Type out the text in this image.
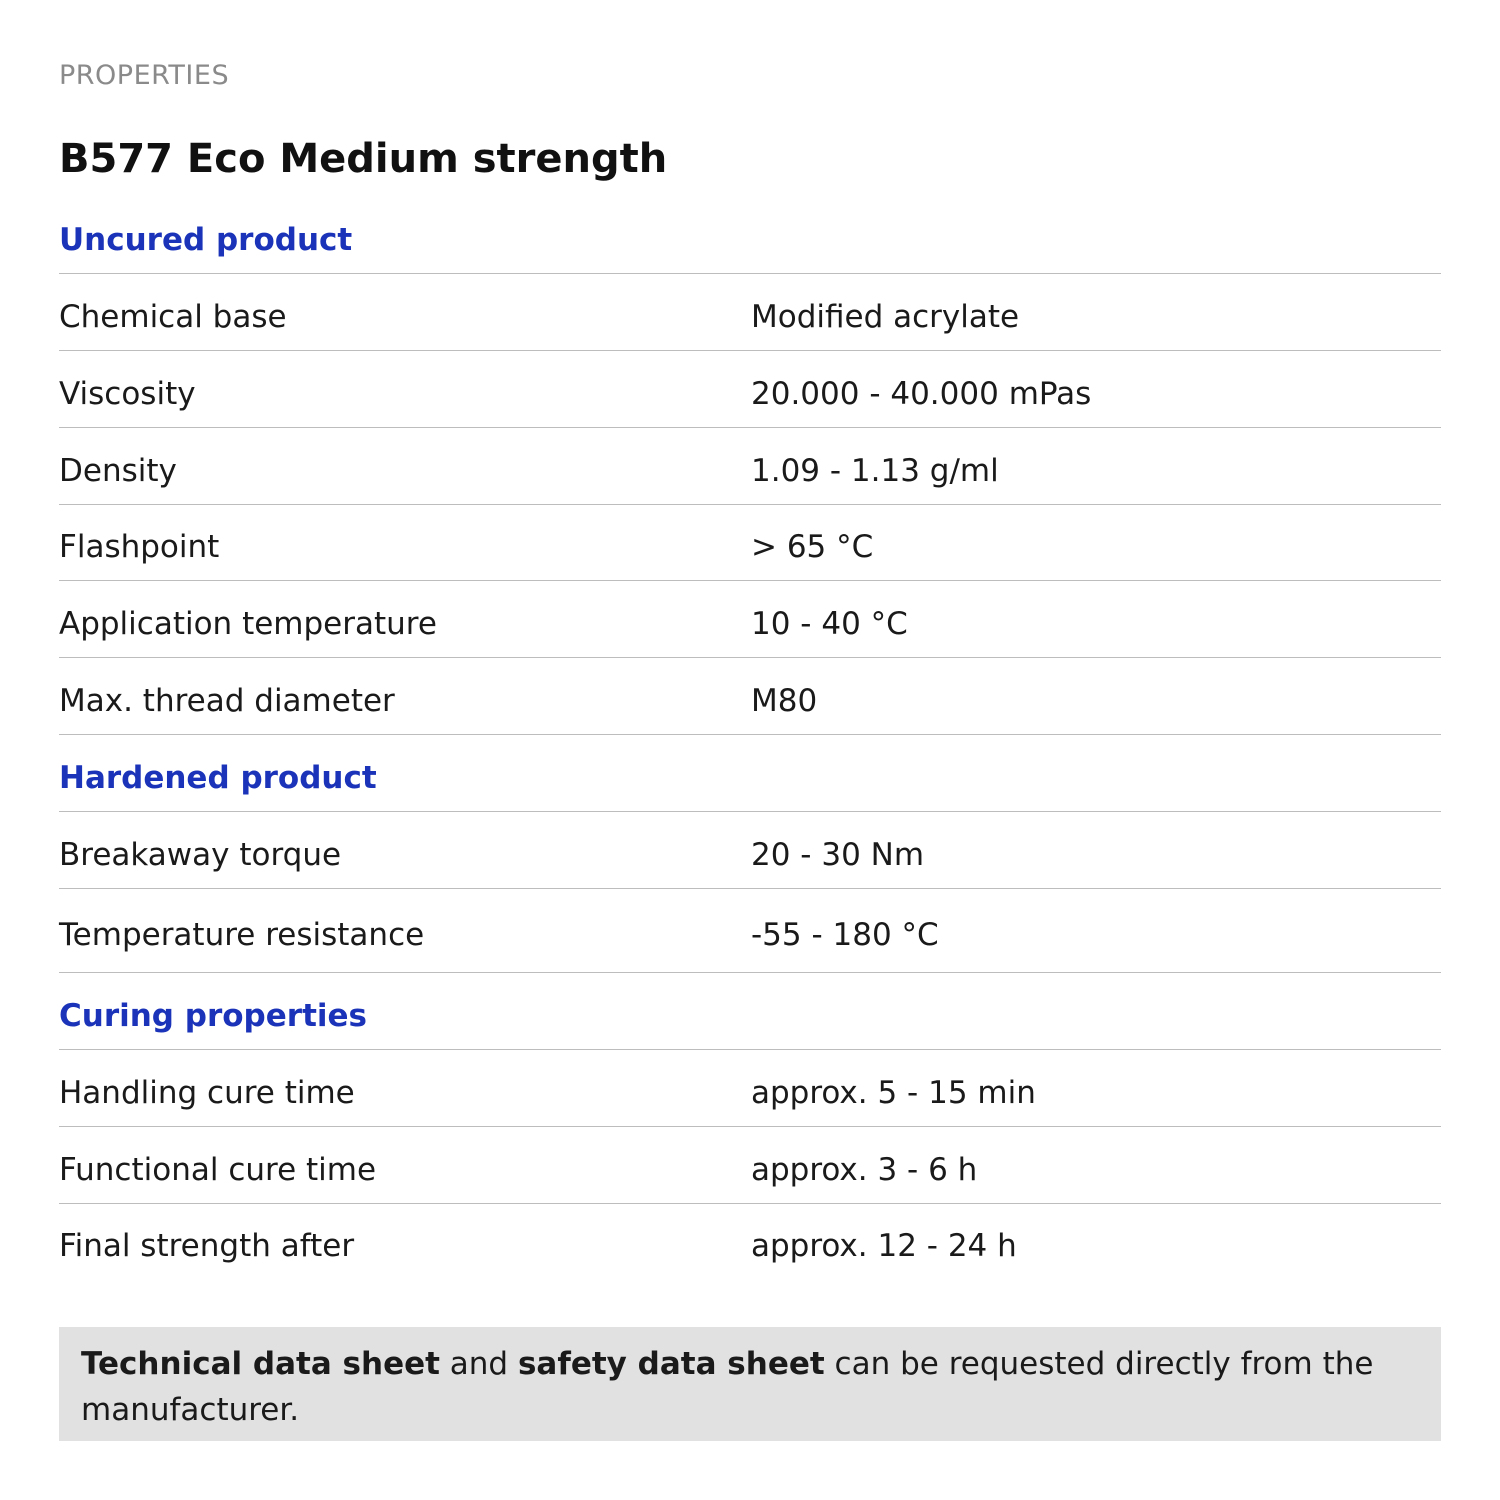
PROPERTIES
B577 Eco Medium strength
Uncured product
Chemical base	Modified acrylate
Viscosity	20.000 - 40.000 mPas
Density	1.09 - 1.13 g/ml
Flashpoint	> 65 °C
Application temperature	10 - 40 °C
Max. thread diameter	M80
Hardened product
Breakaway torque	20 - 30 Nm
Temperature resistance	-55 - 180 °C
Curing properties
Handling cure time	approx. 5 - 15 min
Functional cure time	approx. 3 - 6 h
Final strength after	approx. 12 - 24 h
Technical data sheet and safety data sheet can be requested directly from the manufacturer.
